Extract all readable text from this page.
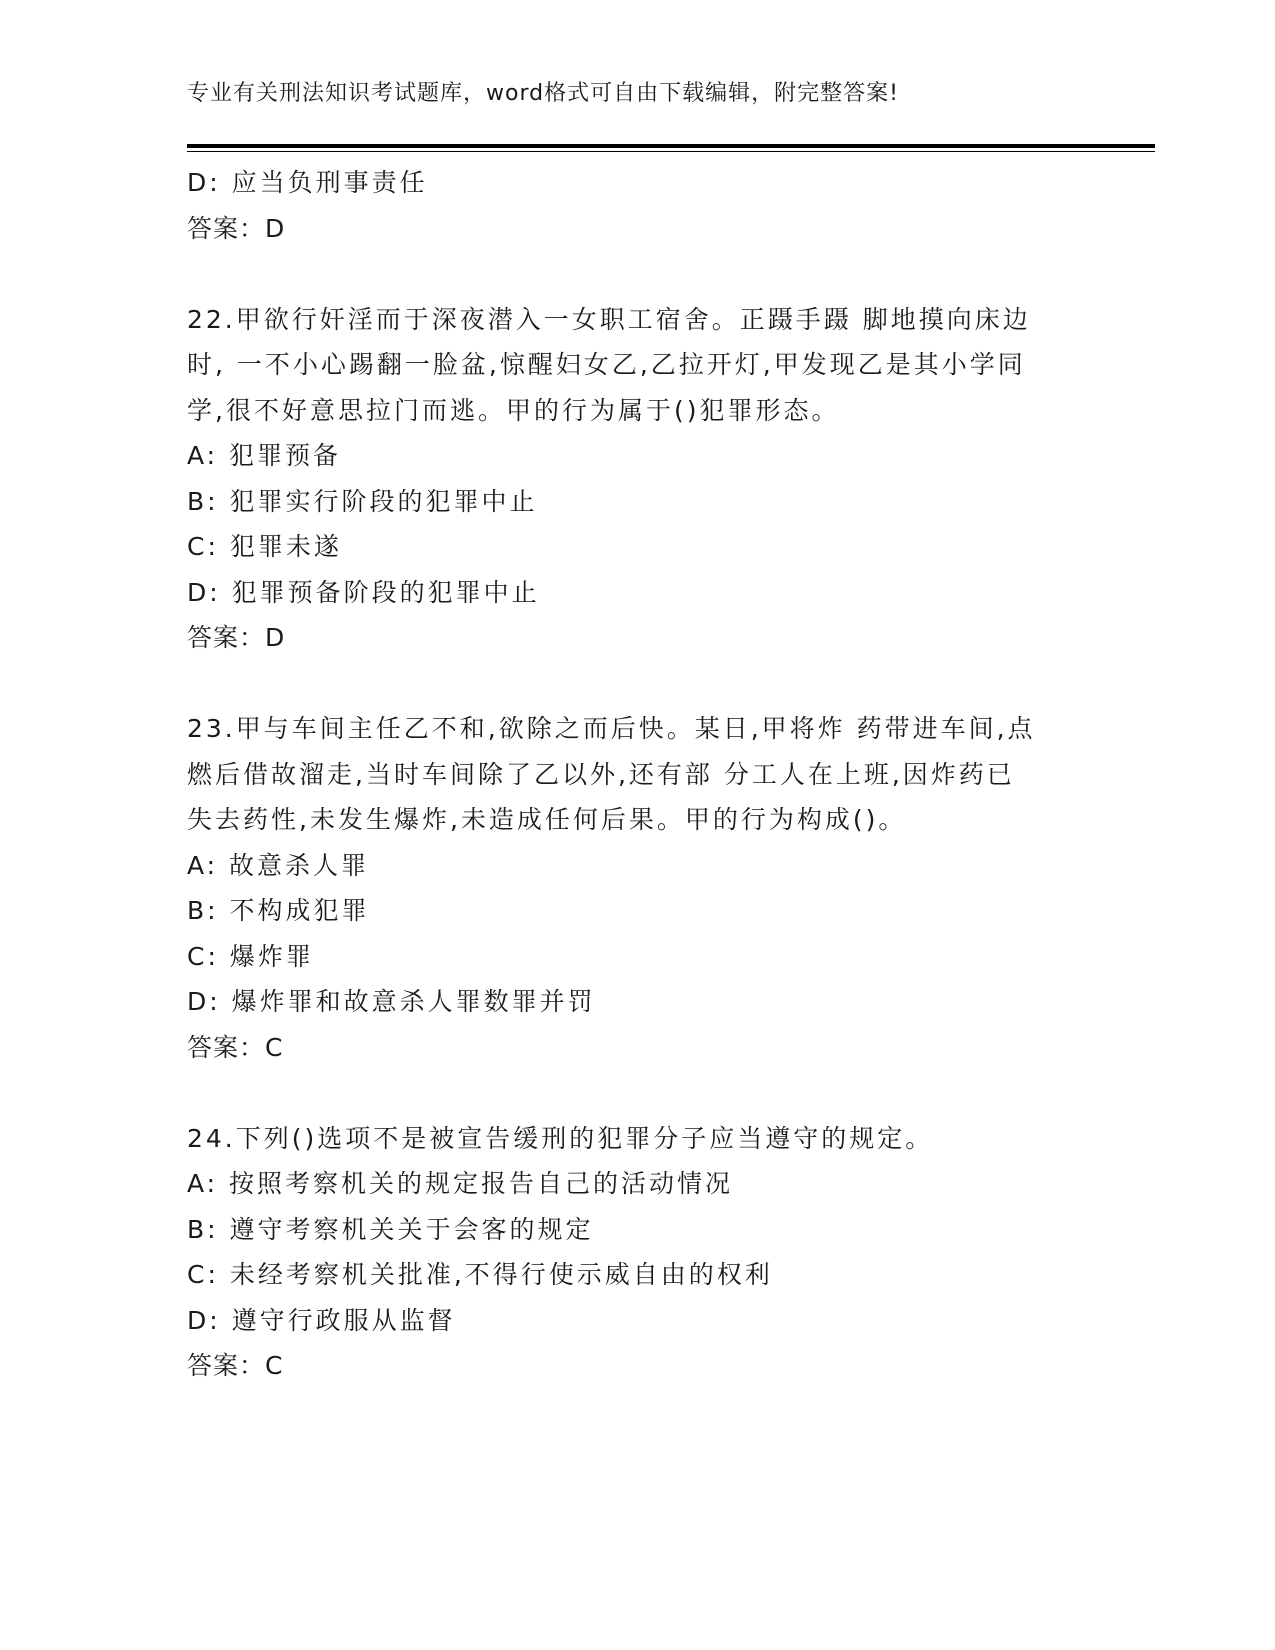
专业有关刑法知识考试题库，word格式可自由下载编辑，附完整答案!
D: 应当负刑事责任
答案：D
22.甲欲行奸淫而于深夜潜入一女职工宿舍。正蹑手蹑 脚地摸向床边
时, 一不小心踢翻一脸盆,惊醒妇女乙,乙拉开灯,甲发现乙是其小学同
学,很不好意思拉门而逃。甲的行为属于()犯罪形态。
A: 犯罪预备
B: 犯罪实行阶段的犯罪中止
C: 犯罪未遂
D: 犯罪预备阶段的犯罪中止
答案：D
23.甲与车间主任乙不和,欲除之而后快。某日,甲将炸 药带进车间,点
燃后借故溜走,当时车间除了乙以外,还有部 分工人在上班,因炸药已
失去药性,未发生爆炸,未造成任何后果。甲的行为构成()。
A: 故意杀人罪
B: 不构成犯罪
C: 爆炸罪
D: 爆炸罪和故意杀人罪数罪并罚
答案：C
24.下列()选项不是被宣告缓刑的犯罪分子应当遵守的规定。
A: 按照考察机关的规定报告自己的活动情况
B: 遵守考察机关关于会客的规定
C: 未经考察机关批准,不得行使示威自由的权利
D: 遵守行政服从监督
答案：C
